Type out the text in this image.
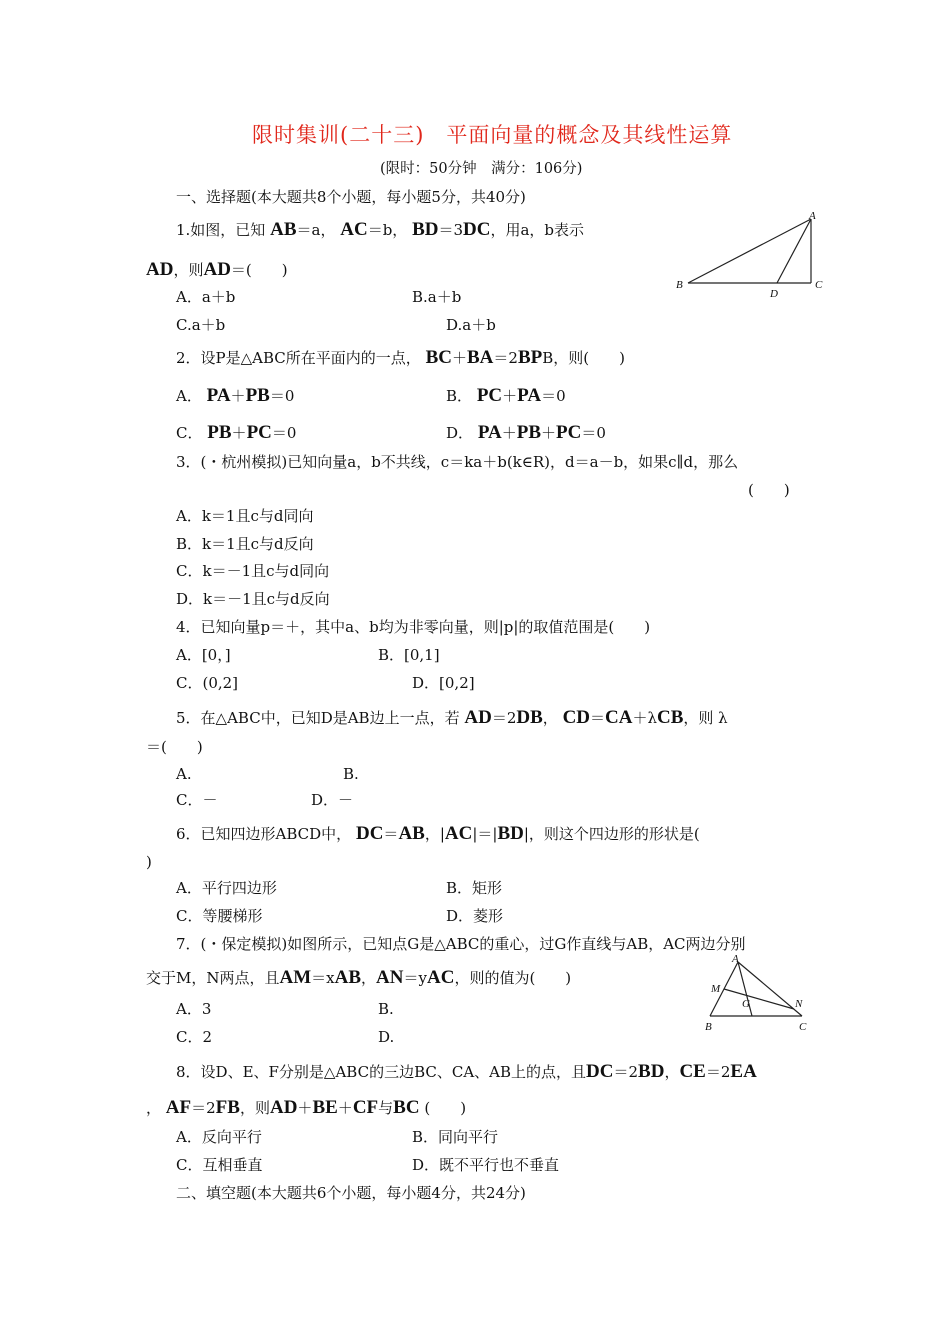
限时集训(二十三)　平面向量的概念及其线性运算
(限时：50分钟　满分：106分)
一、选择题(本大题共8个小题，每小题5分，共40分)
1.如图，已知 AB＝a， AC＝b， BD＝3DC，用a，b表示
AD，则AD＝(　　)
A．a＋b	B.a＋b
C.a＋b	D.a＋b
A
B
D
C
2．设P是△ABC所在平面内的一点， BC＋BA＝2BPB，则(　　)
A． PA＋PB＝0	B． PC＋PA＝0
C． PB＋PC＝0	D． PA＋PB＋PC＝0
3．(・杭州模拟)已知向量a，b不共线，c＝ka＋b(k∈R)，d＝a－b，如果c∥d，那么
(　　)
A．k＝1且c与d同向
B．k＝1且c与d反向
C．k＝－1且c与d同向
D．k＝－1且c与d反向
4．已知向量p＝＋，其中a、b均为非零向量，则|p|的取值范围是(　　)
A．[0，]	B．[0,1]
C．(0,2]	D．[0,2]
5．在△ABC中，已知D是AB边上一点，若 AD＝2DB， CD＝CA＋λCB，则 λ
＝(　　)
A.	B.
C．－	D．－
6．已知四边形ABCD中， DC＝AB，|AC|＝|BD|，则这个四边形的形状是(
)
A．平行四边形	B．矩形
C．等腰梯形	D．菱形
7．(・保定模拟)如图所示，已知点G是△ABC的重心，过G作直线与AB，AC两边分别
交于M，N两点，且AM＝xAB，AN＝yAC，则的值为(　　)
A．3	B.
C．2	D.
A
M
G	N
B	C
8．设D、E、F分别是△ABC的三边BC、CA、AB上的点，且DC＝2BD，CE＝2EA
， AF＝2FB，则AD＋BE＋CF与BC (　　)
A．反向平行	B．同向平行
C．互相垂直	D．既不平行也不垂直
二、填空题(本大题共6个小题，每小题4分，共24分)
